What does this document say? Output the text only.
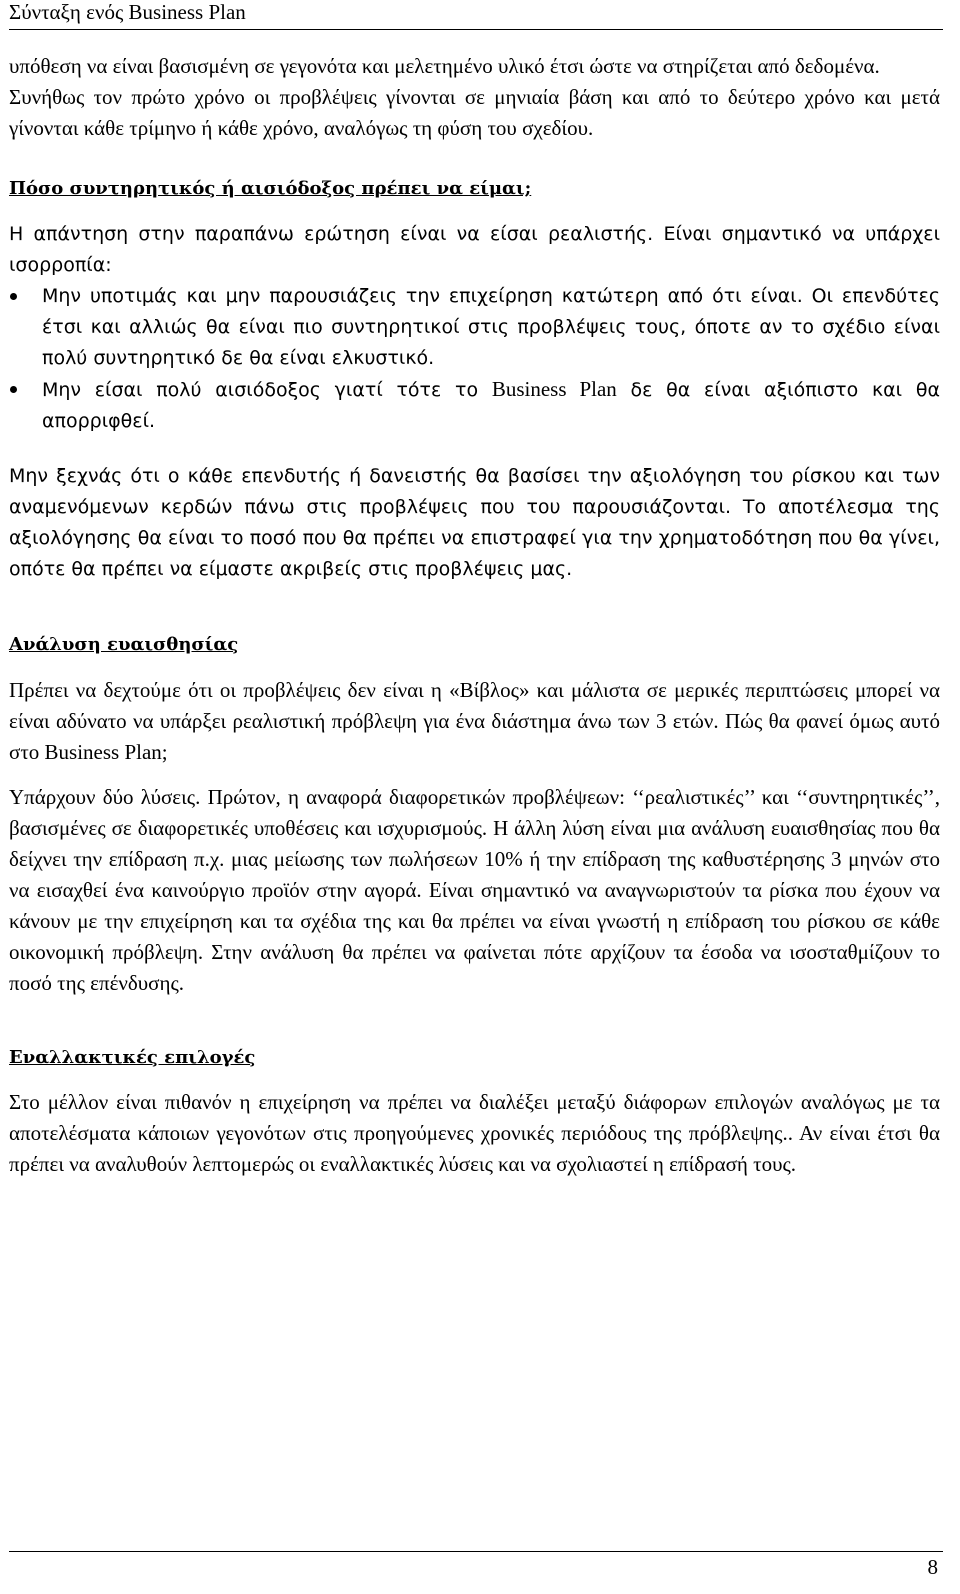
Σύνταξη ενός Business Plan

υπόθεση να είναι βασισμένη σε γεγονότα και μελετημένο υλικό έτσι ώστε να στηρίζεται από δεδομένα.

Συνήθως τον πρώτο χρόνο οι προβλέψεις γίνονται σε μηνιαία βάση και από το δεύτερο χρόνο και μετά γίνονται κάθε τρίμηνο ή κάθε χρόνο, αναλόγως τη φύση του σχεδίου.

Πόσο συντηρητικός ή αισιόδοξος πρέπει να είμαι;

Η απάντηση στην παραπάνω ερώτηση είναι να είσαι ρεαλιστής. Είναι σημαντικό να υπάρχει ισορροπία:

Μην υποτιμάς και μην παρουσιάζεις την επιχείρηση κατώτερη από ότι είναι. Οι επενδύτες έτσι και αλλιώς θα είναι πιο συντηρητικοί στις προβλέψεις τους, όποτε αν το σχέδιο είναι πολύ συντηρητικό δε θα είναι ελκυστικό.

Μην είσαι πολύ αισιόδοξος γιατί τότε το Business Plan δε θα είναι αξιόπιστο και θα απορριφθεί.

Μην ξεχνάς ότι ο κάθε επενδυτής ή δανειστής θα βασίσει την αξιολόγηση του ρίσκου και των αναμενόμενων κερδών πάνω στις προβλέψεις που του παρουσιάζονται. Το αποτέλεσμα της αξιολόγησης θα είναι το ποσό που θα πρέπει να επιστραφεί για την χρηματοδότηση που θα γίνει, οπότε θα πρέπει να είμαστε ακριβείς στις προβλέψεις μας.

Ανάλυση ευαισθησίας

Πρέπει να δεχτούμε ότι οι προβλέψεις δεν είναι η «Βίβλος» και μάλιστα σε μερικές περιπτώσεις μπορεί να είναι αδύνατο να υπάρξει ρεαλιστική πρόβλεψη για ένα διάστημα άνω των 3 ετών. Πώς θα φανεί όμως αυτό στο Business Plan;

Υπάρχουν δύο λύσεις. Πρώτον, η αναφορά διαφορετικών προβλέψεων: ‘‘ρεαλιστικές’’ και ‘‘συντηρητικές’’, βασισμένες σε διαφορετικές υποθέσεις και ισχυρισμούς. Η άλλη λύση είναι μια ανάλυση ευαισθησίας που θα δείχνει την επίδραση π.χ. μιας μείωσης των πωλήσεων 10% ή την επίδραση της καθυστέρησης 3 μηνών στο να εισαχθεί ένα καινούργιο προϊόν στην αγορά. Είναι σημαντικό να αναγνωριστούν τα ρίσκα που έχουν να κάνουν με την επιχείρηση και τα σχέδια της και θα πρέπει να είναι γνωστή η επίδραση του ρίσκου σε κάθε οικονομική πρόβλεψη. Στην ανάλυση θα πρέπει να φαίνεται πότε αρχίζουν τα έσοδα να ισοσταθμίζουν το ποσό της επένδυσης.

Εναλλακτικές επιλογές

Στο μέλλον είναι πιθανόν η επιχείρηση να πρέπει να διαλέξει μεταξύ διάφορων επιλογών αναλόγως με τα αποτελέσματα κάποιων γεγονότων στις προηγούμενες χρονικές περιόδους της πρόβλεψης.. Αν είναι έτσι θα πρέπει να αναλυθούν λεπτομερώς οι εναλλακτικές λύσεις και να σχολιαστεί η επίδρασή τους.

8
